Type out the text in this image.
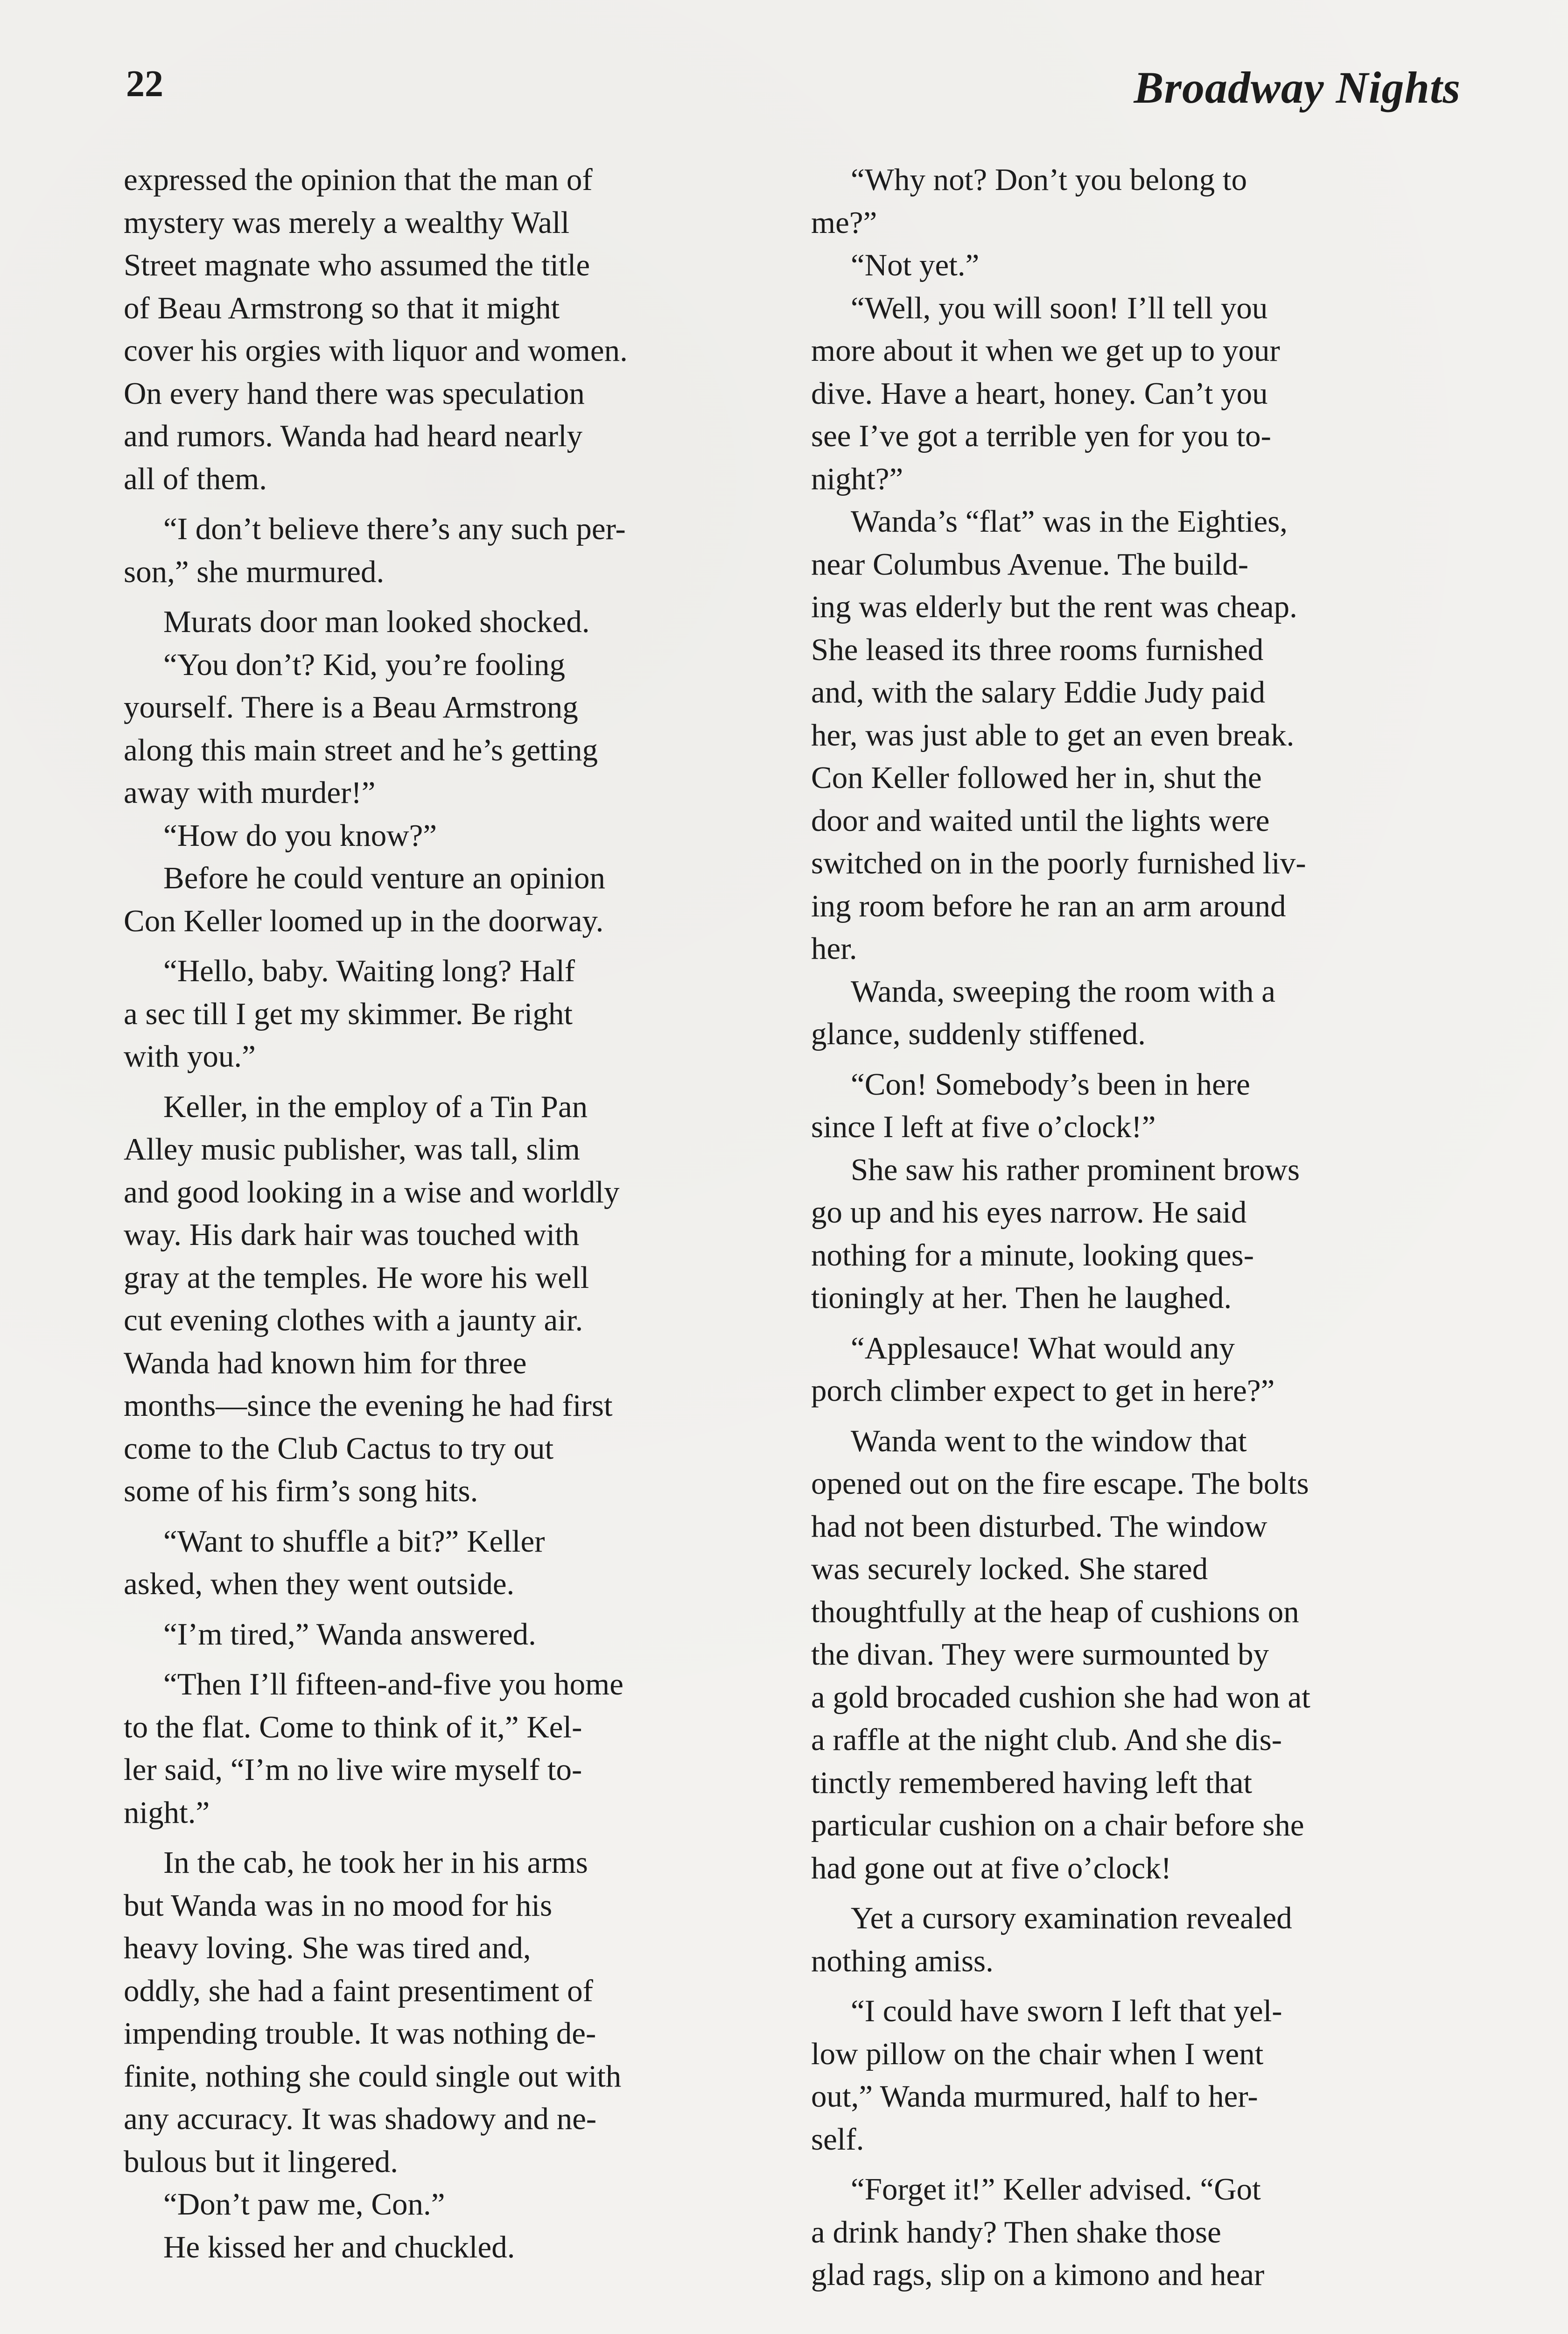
22	Broadway Nights
expressed the opinion that the man of
mystery was merely a wealthy Wall
Street magnate who assumed the title
of Beau Armstrong so that it might
cover his orgies with liquor and women.
On every hand there was speculation
and rumors. Wanda had heard nearly
all of them.
“I don’t believe there’s any such per-
son,” she murmured.
Murats door man looked shocked.
“You don’t? Kid, you’re fooling
yourself. There is a Beau Armstrong
along this main street and he’s getting
away with murder!”
“How do you know?”
Before he could venture an opinion
Con Keller loomed up in the doorway.
“Hello, baby. Waiting long? Half
a sec till I get my skimmer. Be right
with you.”
Keller, in the employ of a Tin Pan
Alley music publisher, was tall, slim
and good looking in a wise and worldly
way. His dark hair was touched with
gray at the temples. He wore his well
cut evening clothes with a jaunty air.
Wanda had known him for three
months—since the evening he had first
come to the Club Cactus to try out
some of his firm’s song hits.
“Want to shuffle a bit?” Keller
asked, when they went outside.
“I’m tired,” Wanda answered.
“Then I’ll fifteen-and-five you home
to the flat. Come to think of it,” Kel-
ler said, “I’m no live wire myself to-
night.”
In the cab, he took her in his arms
but Wanda was in no mood for his
heavy loving. She was tired and,
oddly, she had a faint presentiment of
impending trouble. It was nothing de-
finite, nothing she could single out with
any accuracy. It was shadowy and ne-
bulous but it lingered.
“Don’t paw me, Con.”
He kissed her and chuckled.
“Why not? Don’t you belong to
me?”
“Not yet.”
“Well, you will soon! I’ll tell you
more about it when we get up to your
dive. Have a heart, honey. Can’t you
see I’ve got a terrible yen for you to-
night?”
Wanda’s “flat” was in the Eighties,
near Columbus Avenue. The build-
ing was elderly but the rent was cheap.
She leased its three rooms furnished
and, with the salary Eddie Judy paid
her, was just able to get an even break.
Con Keller followed her in, shut the
door and waited until the lights were
switched on in the poorly furnished liv-
ing room before he ran an arm around
her.
Wanda, sweeping the room with a
glance, suddenly stiffened.
“Con! Somebody’s been in here
since I left at five o’clock!”
She saw his rather prominent brows
go up and his eyes narrow. He said
nothing for a minute, looking ques-
tioningly at her. Then he laughed.
“Applesauce! What would any
porch climber expect to get in here?”
Wanda went to the window that
opened out on the fire escape. The bolts
had not been disturbed. The window
was securely locked. She stared
thoughtfully at the heap of cushions on
the divan. They were surmounted by
a gold brocaded cushion she had won at
a raffle at the night club. And she dis-
tinctly remembered having left that
particular cushion on a chair before she
had gone out at five o’clock!
Yet a cursory examination revealed
nothing amiss.
“I could have sworn I left that yel-
low pillow on the chair when I went
out,” Wanda murmured, half to her-
self.
“Forget it!” Keller advised. “Got
a drink handy? Then shake those
glad rags, slip on a kimono and hear
